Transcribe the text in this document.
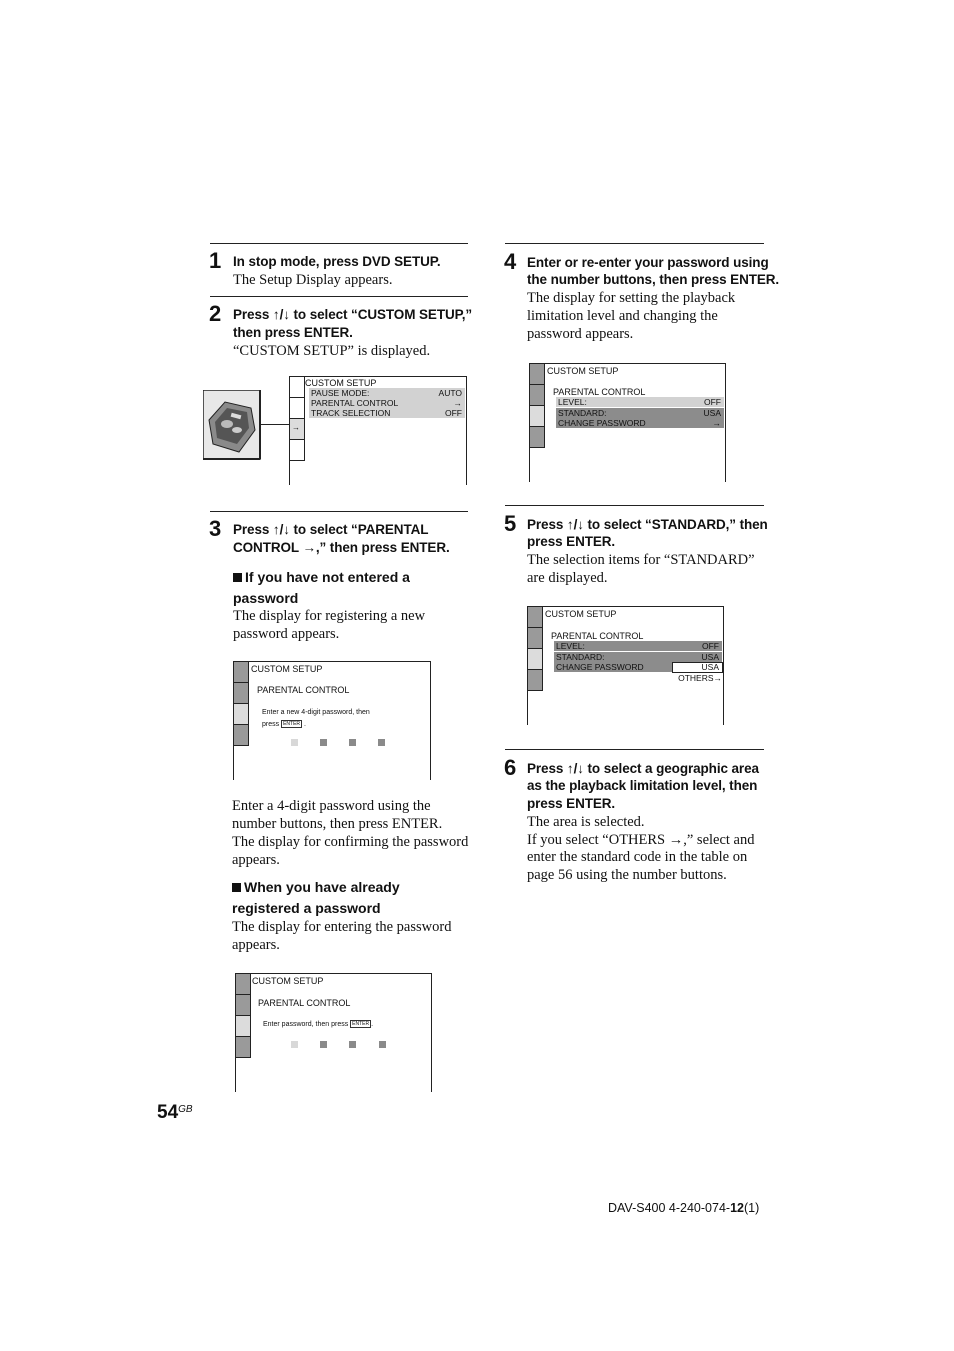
1 In stop mode, press DVD SETUP.
The Setup Display appears.
2 Press ↑/↓ to select “CUSTOM SETUP,”
then press ENTER.
“CUSTOM SETUP” is displayed.
→
CUSTOM SETUP
PAUSE MODE:	AUTO
PARENTAL CONTROL	→
TRACK SELECTION	OFF
3 Press ↑/↓ to select “PARENTAL
CONTROL →,” then press ENTER.
If you have not entered a
password
The display for registering a new
password appears.
CUSTOM SETUP
PARENTAL CONTROL
Enter a new 4-digit password, then
press ENTER .
Enter a 4-digit password using the
number buttons, then press ENTER.
The display for confirming the password
appears.
When you have already
registered a password
The display for entering the password
appears.
CUSTOM SETUP
PARENTAL CONTROL
Enter password, then press ENTER .
4 Enter or re-enter your password using
the number buttons, then press ENTER.
The display for setting the playback
limitation level and changing the
password appears.
CUSTOM SETUP
PARENTAL CONTROL
LEVEL:	OFF
STANDARD:	USA
CHANGE PASSWORD	→
5 Press ↑/↓ to select “STANDARD,” then
press ENTER.
The selection items for “STANDARD”
are displayed.
CUSTOM SETUP
PARENTAL CONTROL
LEVEL:	OFF
STANDARD:	USA
CHANGE PASSWORD	USA
OTHERS→
6 Press ↑/↓ to select a geographic area
as the playback limitation level, then
press ENTER.
The area is selected.
If you select “OTHERS →,” select and
enter the standard code in the table on
page 56 using the number buttons.
$54^{GB}$
DAV-S400 4-240-074-12(1)
